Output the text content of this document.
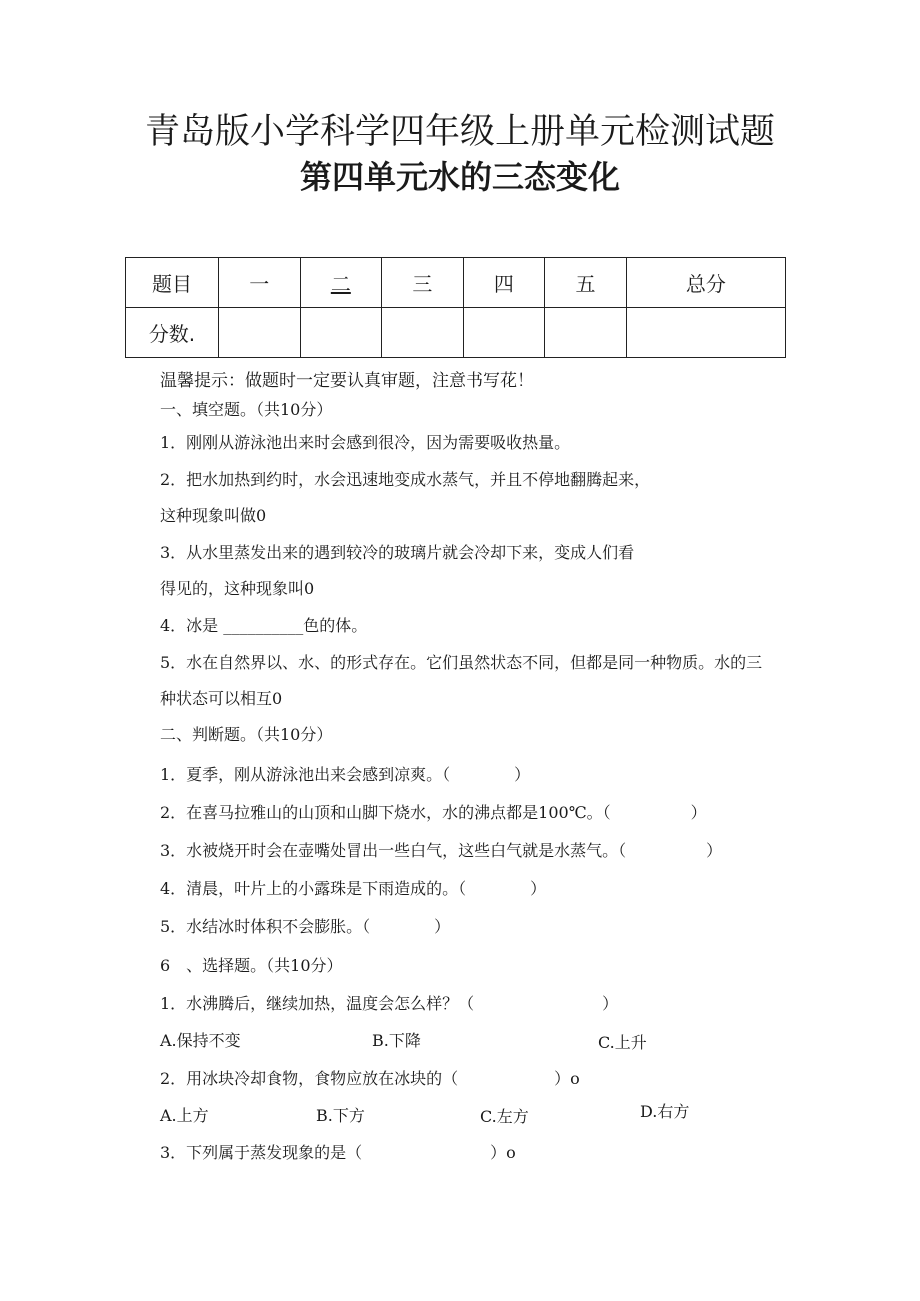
青岛版小学科学四年级上册单元检测试题
第四单元水的三态变化
题目	一	二	三	四	五	总分
分数.						
温馨提示：做题时一定要认真审题，注意书写花！
一、填空题。（共10分）
1．刚刚从游泳池出来时会感到很冷，因为需要吸收热量。
2．把水加热到约时，水会迅速地变成水蒸气，并且不停地翻腾起来，
这种现象叫做0
3．从水里蒸发出来的遇到较冷的玻璃片就会冷却下来，变成人们看
得见的，这种现象叫0
4．冰是 __________色的体。
5．水在自然界以、水、的形式存在。它们虽然状态不同，但都是同一种物质。水的三
种状态可以相互0
二、判断题。（共10分）
1．夏季，刚从游泳池出来会感到凉爽。（　　　　）
2．在喜马拉雅山的山顶和山脚下烧水，水的沸点都是100℃。（　　　　　）
3．水被烧开时会在壶嘴处冒出一些白气，这些白气就是水蒸气。（　　　　　）
4．清晨，叶片上的小露珠是下雨造成的。（　　　　）
5．水结冰时体积不会膨胀。（　　　　）
6　、选择题。（共10分）
1．水沸腾后，继续加热，温度会怎么样？（　　　　　　　　）
A.保持不变	B.下降	C.上升
2．用冰块冷却食物，食物应放在冰块的（　　　　　　）o
A.上方	B.下方	C.左方	D.右方
3．下列属于蒸发现象的是（　　　　　　　　）o
